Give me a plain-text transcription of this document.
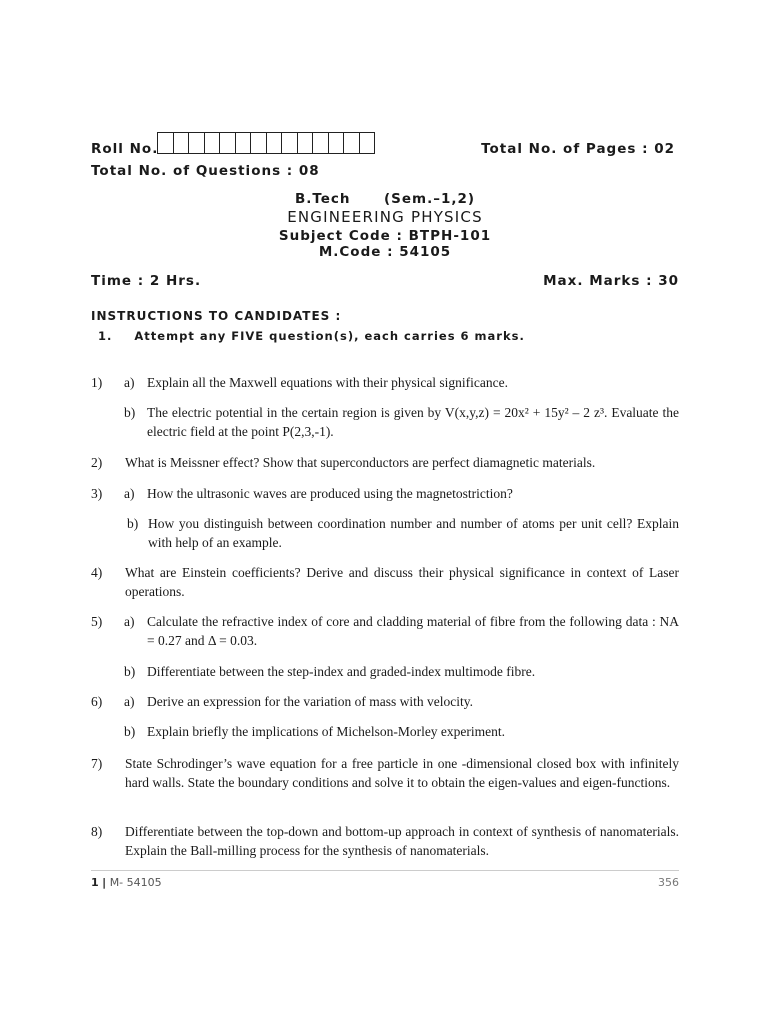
Roll No.	Total No. of Pages : 02
Total No. of Questions : 08
B.Tech (Sem.–1,2)
ENGINEERING PHYSICS
Subject Code : BTPH-101
M.Code : 54105
Time : 2 Hrs.	Max. Marks : 30
INSTRUCTIONS TO CANDIDATES :
1. Attempt any FIVE question(s), each carries 6 marks.
1) a) Explain all the Maxwell equations with their physical significance.
b) The electric potential in the certain region is given by V(x,y,z) = 20x² + 15y² – 2 z³. Evaluate the electric field at the point P(2,3,-1).
2) What is Meissner effect? Show that superconductors are perfect diamagnetic materials.
3) a) How the ultrasonic waves are produced using the magnetostriction?
b) How you distinguish between coordination number and number of atoms per unit cell? Explain with help of an example.
4) What are Einstein coefficients? Derive and discuss their physical significance in context of Laser operations.
5) a) Calculate the refractive index of core and cladding material of fibre from the following data : NA = 0.27 and Δ = 0.03.
b) Differentiate between the step-index and graded-index multimode fibre.
6) a) Derive an expression for the variation of mass with velocity.
b) Explain briefly the implications of Michelson-Morley experiment.
7) State Schrodinger’s wave equation for a free particle in one -dimensional closed box with infinitely hard walls. State the boundary conditions and solve it to obtain the eigen-values and eigen-functions.
8) Differentiate between the top-down and bottom-up approach in context of synthesis of nanomaterials. Explain the Ball-milling process for the synthesis of nanomaterials.
1 | M- 54105	356
